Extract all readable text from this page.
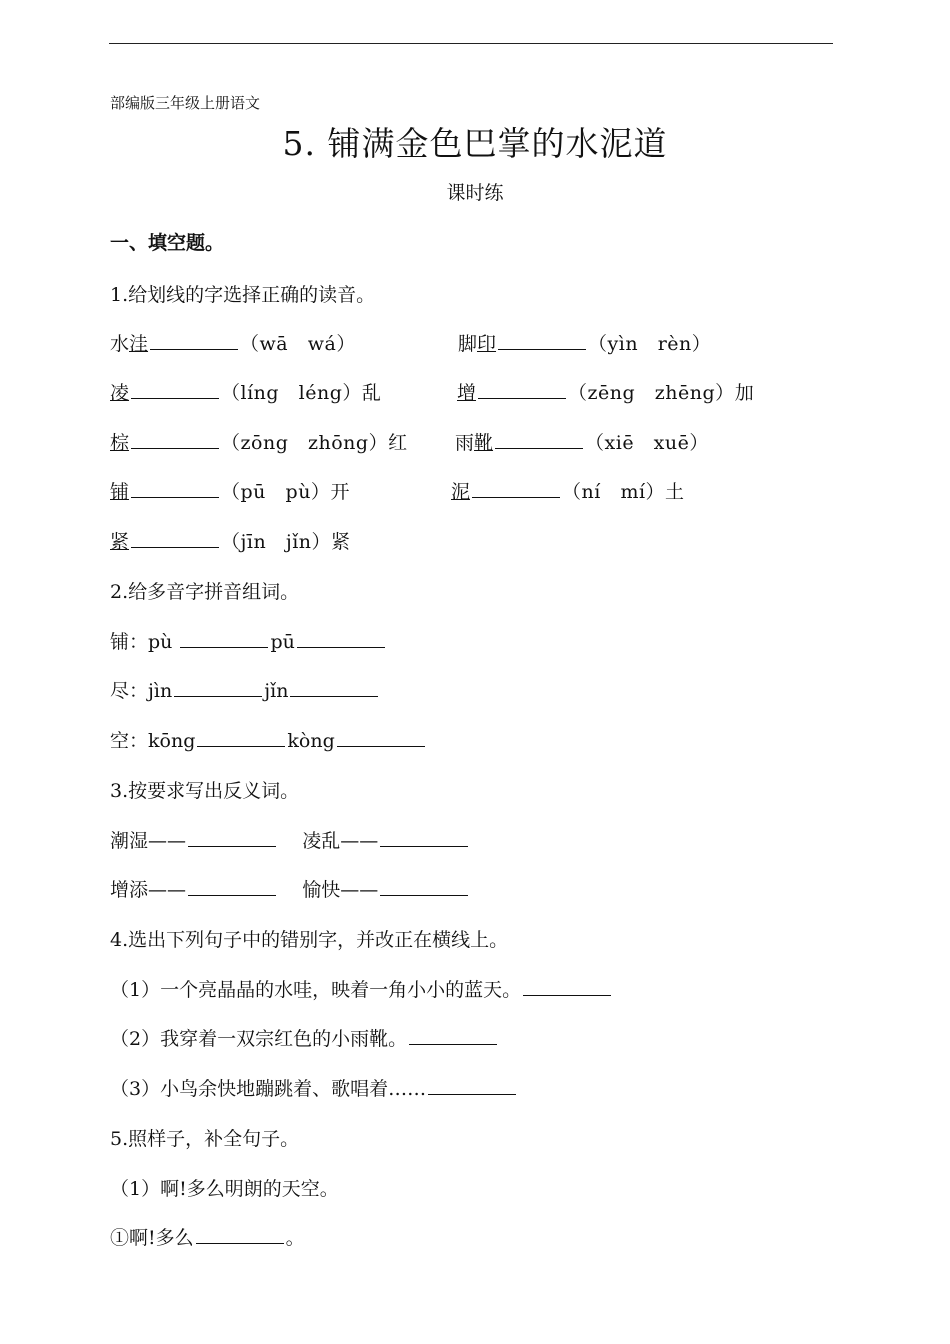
部编版三年级上册语文
5. 铺满金色巴掌的水泥道
课时练
一、填空题。
1.给划线的字选择正确的读音。
水洼	（wā   wá）	脚印	（yìn   rèn）
凌	（líng   léng）乱	增	（zēng   zhēng）加
棕	（zōng   zhōng）红	雨靴	（xiē   xuē）
铺	（pū   pù）开	泥	（ní   mí）土
紧	（jīn   jǐn）紧
2.给多音字拼音组词。
铺：pù	pū
尽：jìn	jǐn
空：kōng	kòng
3.按要求写出反义词。
潮湿——	凌乱——
增添——	愉快——
4.选出下列句子中的错别字，并改正在横线上。
（1）一个亮晶晶的水哇，映着一角小小的蓝天。
（2）我穿着一双宗红色的小雨靴。
（3）小鸟余快地蹦跳着、歌唱着……
5.照样子，补全句子。
（1）啊!多么明朗的天空。
①啊!多么	。
